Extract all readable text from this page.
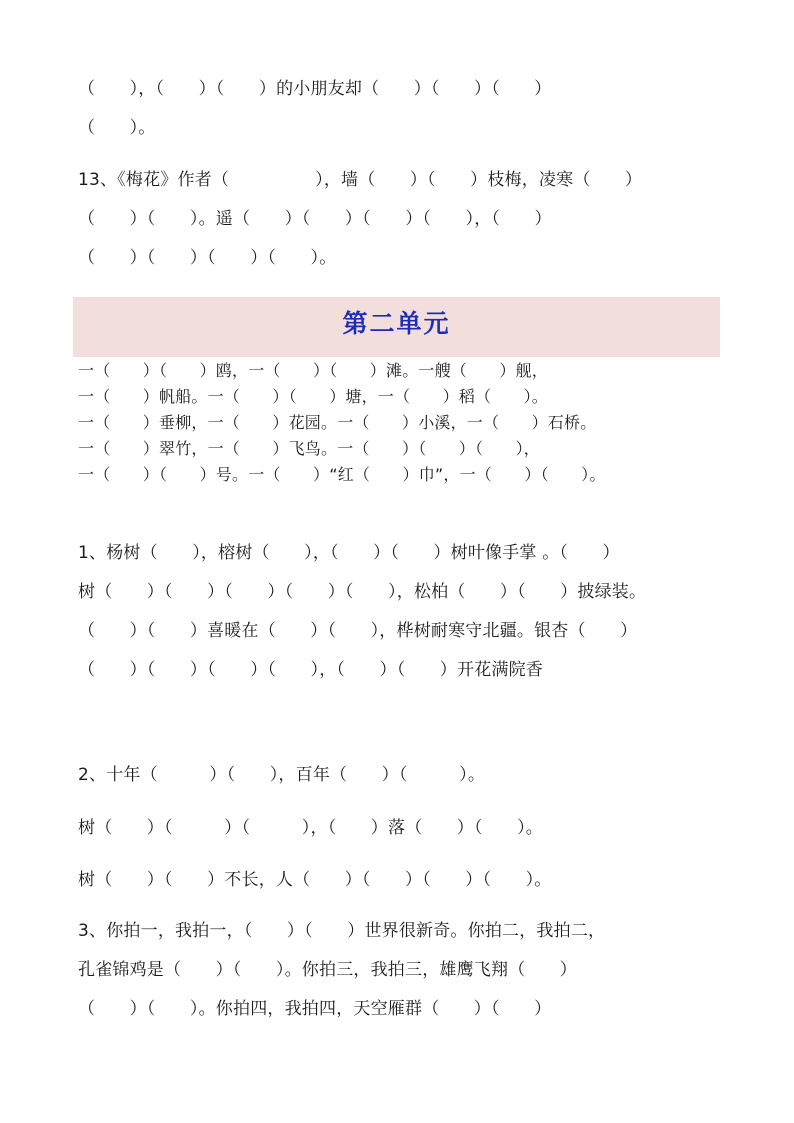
（　　），（　　）（　　）的小朋友却（　　）（　　）（　　）
（　　）。
13、《梅花》作者（　　　　　），墙（　　）（　　）枝梅，凌寒（　　）
（　　）（　　）。遥（　　）（　　）（　　）（　　），（　　）
（　　）（　　）（　　）（　　）。
第二单元
一（　　）（　　）鸥，一（　　）（　　）滩。一艘（　　）舰，
一（　　）帆船。一（　　）（　　）塘，一（　　）稻（　　）。
一（　　）垂柳，一（　　）花园。一（　　）小溪，一（　　）石桥。
一（　　）翠竹，一（　　）飞鸟。一（　　）（　　）（　　），
一（　　）（　　）号。一（　　）“红（　　）巾”，一（　　）（　　）。
1、杨树（　　），榕树（　　），（　　）（　　）树叶像手掌 。（　　）
树（　　）（　　）（　　）（　　）（　　），松柏（　　）（　　）披绿装。
（　　）（　　）喜暖在（　　）（　　），桦树耐寒守北疆。银杏（　　）
（　　）（　　）（　　）（　　），（　　）（　　）开花满院香
2、十年（　　　）（　　），百年（　　）（　　　）。
树（　　）（　　　）（　　　），（　　）落（　　）（　　）。
树（　　）（　　）不长，人（　　）（　　）（　　）（　　）。
3、你拍一，我拍一，（　　）（　　）世界很新奇。你拍二，我拍二，
孔雀锦鸡是（　　）（　　）。你拍三，我拍三，雄鹰飞翔（　　）
（　　）（　　）。你拍四，我拍四，天空雁群（　　）（　　）
